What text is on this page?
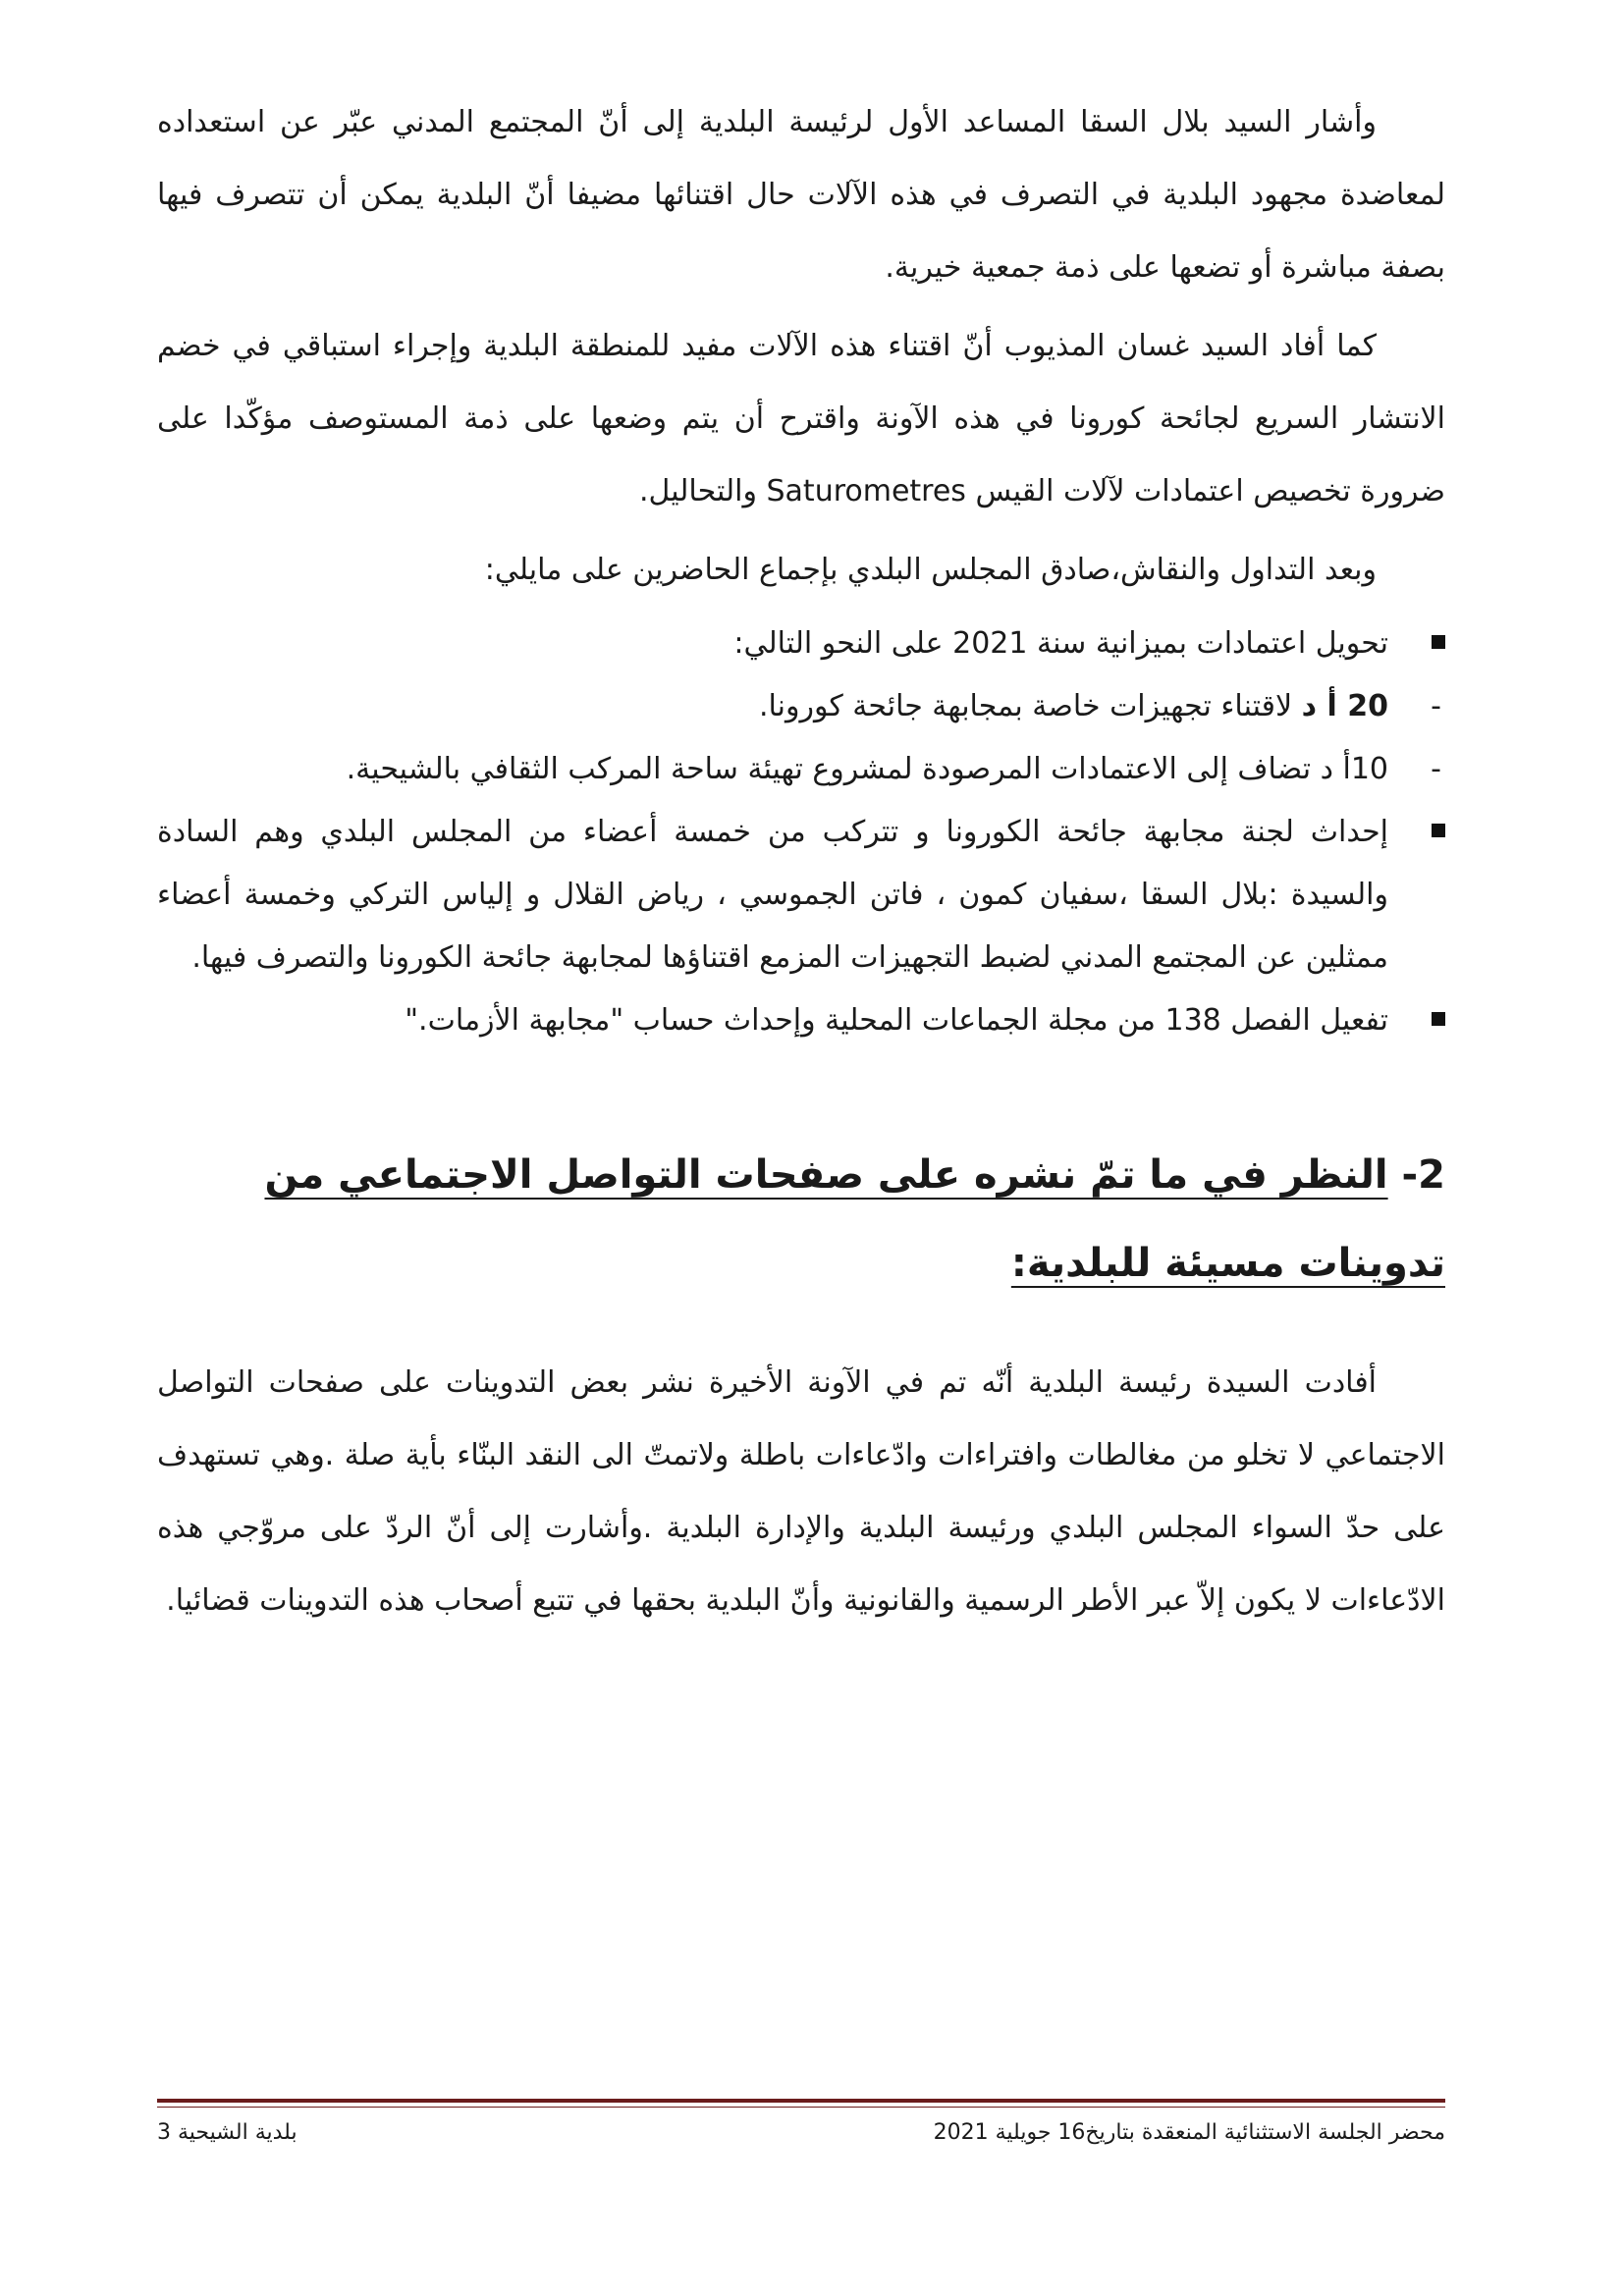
وأشار السيد بلال السقا المساعد الأول لرئيسة البلدية إلى أنّ المجتمع المدني عبّر عن استعداده لمعاضدة مجهود البلدية في التصرف في هذه الآلات حال اقتنائها مضيفا أنّ البلدية يمكن أن تتصرف فيها بصفة مباشرة أو تضعها على ذمة جمعية خيرية.

كما أفاد السيد غسان المذيوب أنّ اقتناء هذه الآلات مفيد للمنطقة البلدية وإجراء استباقي في خضم الانتشار السريع لجائحة كورونا في هذه الآونة واقترح أن يتم وضعها على ذمة المستوصف مؤكّدا على ضرورة تخصيص اعتمادات لآلات القيس Saturometres والتحاليل.

وبعد التداول والنقاش،صادق المجلس البلدي بإجماع الحاضرين على مايلي:

تحويل اعتمادات بميزانية سنة 2021 على النحو التالي:
-
20 أ د لاقتناء تجهيزات خاصة بمجابهة جائحة كورونا.
-
10أ د تضاف إلى الاعتمادات المرصودة لمشروع تهيئة ساحة المركب الثقافي بالشيحية.
إحداث لجنة مجابهة جائحة الكورونا و تتركب من خمسة أعضاء من المجلس البلدي وهم السادة والسيدة :بلال السقا ،سفيان كمون ، فاتن الجموسي ، رياض القلال و إلياس التركي وخمسة أعضاء ممثلين عن المجتمع المدني لضبط التجهيزات المزمع اقتناؤها لمجابهة جائحة الكورونا والتصرف فيها.
تفعيل الفصل 138 من مجلة الجماعات المحلية وإحداث حساب "مجابهة الأزمات."
2- النظر في ما تمّ نشره على صفحات التواصل الاجتماعي من تدوينات مسيئة للبلدية:

أفادت السيدة رئيسة البلدية أنّه تم في الآونة الأخيرة نشر بعض التدوينات على صفحات التواصل الاجتماعي لا تخلو من مغالطات وافتراءات وادّعاءات باطلة ولاتمتّ الى النقد البنّاء بأية صلة .وهي تستهدف على حدّ السواء المجلس البلدي ورئيسة البلدية والإدارة البلدية .وأشارت إلى أنّ الردّ على مروّجي هذه الادّعاءات لا يكون إلاّ عبر الأطر الرسمية والقانونية وأنّ البلدية بحقها في تتبع أصحاب هذه التدوينات قضائيا.

بلدية الشيحية 3	محضر الجلسة الاستثنائية المنعقدة بتاريخ16 جويلية 2021
